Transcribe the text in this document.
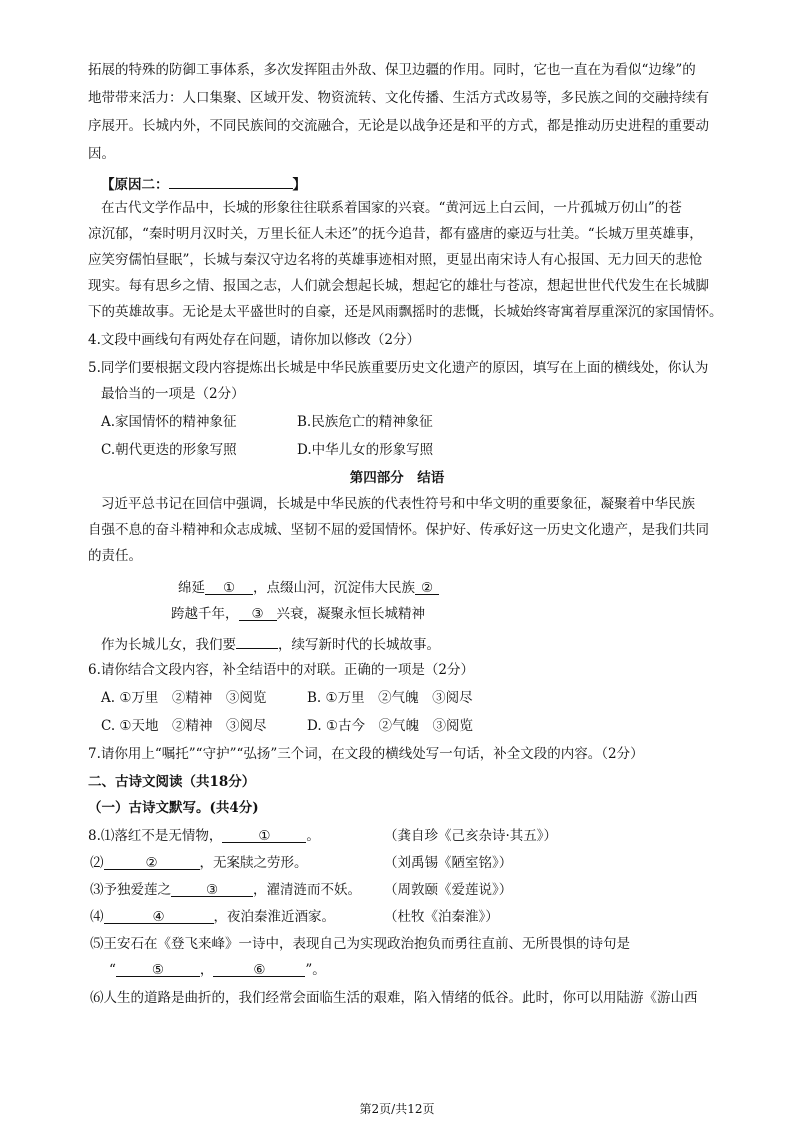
拓展的特殊的防御工事体系，多次发挥阻击外敌、保卫边疆的作用。同时，它也一直在为看似“边缘”的
地带带来活力：人口集聚、区域开发、物资流转、文化传播、生活方式改易等，多民族之间的交融持续有
序展开。长城内外，不同民族间的交流融合，无论是以战争还是和平的方式，都是推动历史进程的重要动
因。
【原因二：	】
在古代文学作品中，长城的形象往往联系着国家的兴衰。“黄河远上白云间，一片孤城万仞山”的苍
凉沉郁，“秦时明月汉时关，万里长征人未还”的抚今追昔，都有盛唐的豪迈与壮美。“长城万里英雄事，
应笑穷儒怕昼眠”，长城与秦汉守边名将的英雄事迹相对照，更显出南宋诗人有心报国、无力回天的悲怆
现实。每有思乡之情、报国之志，人们就会想起长城，想起它的雄壮与苍凉，想起世世代代发生在长城脚
下的英雄故事。无论是太平盛世时的自豪，还是风雨飘摇时的悲慨，长城始终寄寓着厚重深沉的家国情怀。
4.文段中画线句有两处存在问题，请你加以修改（2分）
5.同学们要根据文段内容提炼出长城是中华民族重要历史文化遗产的原因，填写在上面的横线处，你认为
最恰当的一项是（2分）
A.家国情怀的精神象征	B.民族危亡的精神象征
C.朝代更迭的形象写照	D.中华儿女的形象写照
第四部分　结语
习近平总书记在回信中强调，长城是中华民族的代表性符号和中华文明的重要象征，凝聚着中华民族
自强不息的奋斗精神和众志成城、坚韧不屈的爱国情怀。保护好、传承好这一历史文化遗产，是我们共同
的责任。
绵延 ① ，点缀山河，沉淀伟大民族 ②
跨越千年， ③ 兴衰，凝聚永恒长城精神
作为长城儿女，我们要	，续写新时代的长城故事。
6.请你结合文段内容，补全结语中的对联。正确的一项是（2分）
A. ①万里　②精神　③阅览	B. ①万里　②气魄　③阅尽
C. ①天地　②精神　③阅尽	D. ①古今　②气魄　③阅览
7.请你用上“嘱托”“守护”“弘扬”三个词，在文段的横线处写一句话，补全文段的内容。（2分）
二、古诗文阅读（共18分）
（一）古诗文默写。(共4分)
8.⑴落红不是无情物，	①	。	（龚自珍《己亥杂诗·其五》）
⑵	②	，无案牍之劳形。	（刘禹锡《陋室铭》）
⑶予独爱莲之	③	，濯清涟而不妖。 （周敦颐《爱莲说》）
⑷	④	，夜泊秦淮近酒家。	（杜牧《泊秦淮》）
⑸王安石在《登飞来峰》一诗中，表现自己为实现政治抱负而勇往直前、无所畏惧的诗句是
“	⑤	，	⑥	”。
⑹人生的道路是曲折的，我们经常会面临生活的艰难，陷入情绪的低谷。此时，你可以用陆游《游山西
第2页/共12页
